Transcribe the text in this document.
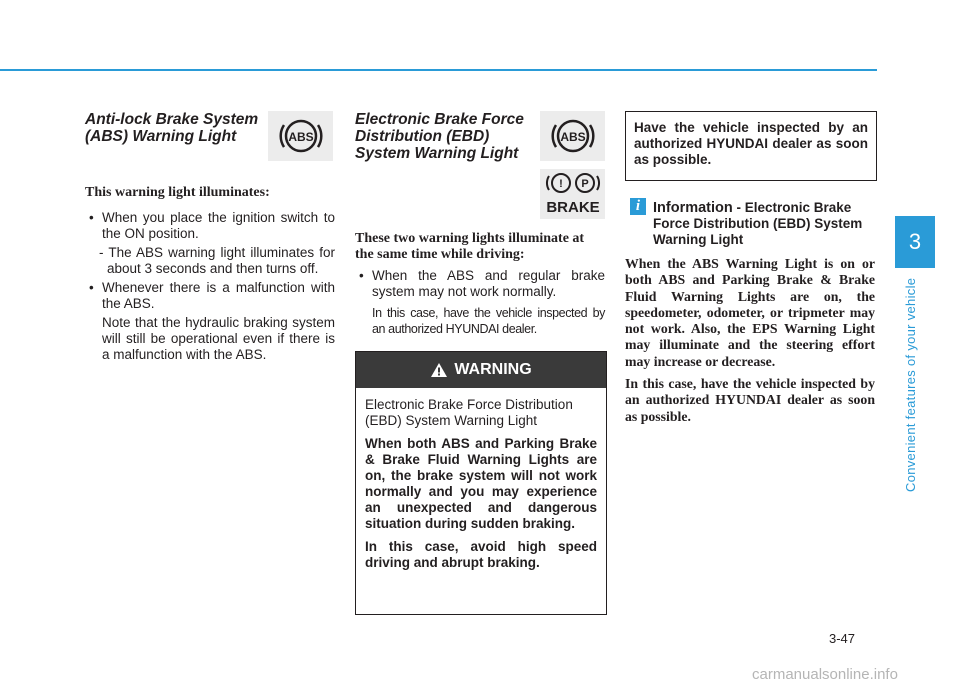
3
Convenient features of your vehicle

Anti-lock Brake System

(ABS) Warning Light	ABS

This warning light illuminates:

• When you place the ignition switch to the ON position.

- The ABS warning light illuminates for about 3 seconds and then turns off.

• Whenever there is a malfunction with the ABS.

Note that the hydraulic braking system will still be operational even if there is a malfunction with the ABS.

Electronic Brake Force

Distribution (EBD)

System Warning Light

ABS
! P
BRAKE

These two warning lights illuminate at the same time while driving:

• When the ABS and regular brake system may not work normally.

In this case, have the vehicle inspected by an authorized HYUNDAI dealer.

WARNING

Electronic Brake Force Distribution (EBD) System Warning Light

When both ABS and Parking Brake & Brake Fluid Warning Lights are on, the brake system will not work normally and you may experience an unexpected and dangerous situation during sudden braking.

In this case, avoid high speed driving and abrupt braking.

Have the vehicle inspected by an authorized HYUNDAI dealer as soon as possible.

i Information - Electronic Brake Force Distribution (EBD) System Warning Light

When the ABS Warning Light is on or both ABS and Parking Brake & Brake Fluid Warning Lights are on, the speedometer, odometer, or tripmeter may not work. Also, the EPS Warning Light may illuminate and the steering effort may increase or decrease.

In this case, have the vehicle inspected by an authorized HYUNDAI dealer as soon as possible.

3-47
carmanualsonline.info
